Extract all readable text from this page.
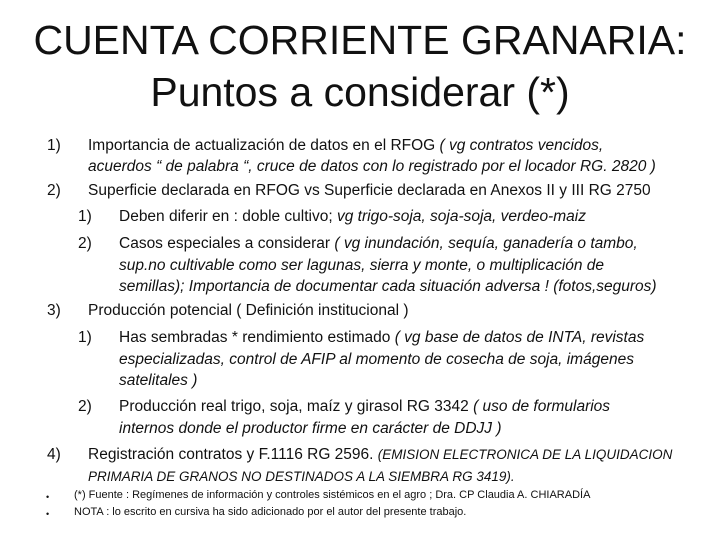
CUENTA CORRIENTE GRANARIA:
Puntos a considerar (*)
1) Importancia de actualización de datos en el RFOG ( vg contratos vencidos,
acuerdos “ de palabra “, cruce de datos con lo registrado por el locador RG. 2820 )
2) Superficie declarada en RFOG vs Superficie declarada en Anexos II y III RG 2750
1) Deben diferir en : doble cultivo; vg trigo-soja, soja-soja, verdeo-maiz
2) Casos especiales a considerar ( vg inundación, sequía, ganadería o tambo,
sup.no cultivable como ser lagunas, sierra y monte, o multiplicación de
semillas); Importancia de documentar cada situación adversa ! (fotos,seguros)
3) Producción potencial ( Definición institucional )
1) Has sembradas * rendimiento estimado ( vg base de datos de INTA, revistas
especializadas, control de AFIP al momento de cosecha de soja, imágenes
satelitales )
2) Producción real trigo, soja, maíz y girasol RG 3342 ( uso de formularios
internos donde el productor firme en carácter de DDJJ )
4) Registración contratos y F.1116 RG 2596. (EMISION ELECTRONICA DE LA LIQUIDACION
PRIMARIA DE GRANOS NO DESTINADOS A LA SIEMBRA RG 3419).
• (*) Fuente : Regímenes de información y controles sistémicos en el agro ; Dra. CP Claudia A. CHIARADÍA
• NOTA : lo escrito en cursiva ha sido adicionado por el autor del presente trabajo.
